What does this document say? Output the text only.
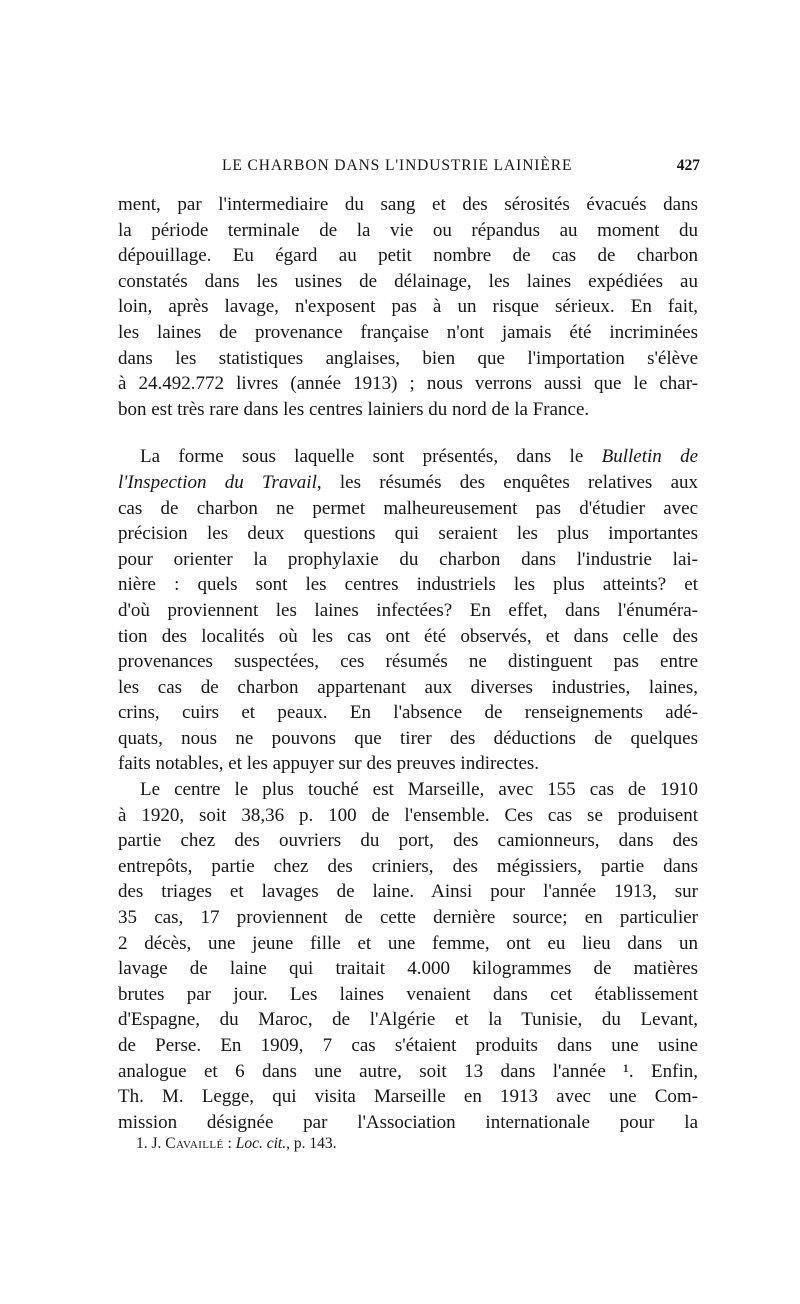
LE CHARBON DANS L'INDUSTRIE LAINIÈRE	427
ment, par l'intermediaire du sang et des sérosités évacués dans
la période terminale de la vie ou répandus au moment du
dépouillage. Eu égard au petit nombre de cas de charbon
constatés dans les usines de délainage, les laines expédiées au
loin, après lavage, n'exposent pas à un risque sérieux. En fait,
les laines de provenance française n'ont jamais été incriminées
dans les statistiques anglaises, bien que l'importation s'élève
à 24.492.772 livres (année 1913) ; nous verrons aussi que le char-
bon est très rare dans les centres lainiers du nord de la France.
La forme sous laquelle sont présentés, dans le Bulletin de
l'Inspection du Travail, les résumés des enquêtes relatives aux
cas de charbon ne permet malheureusement pas d'étudier avec
précision les deux questions qui seraient les plus importantes
pour orienter la prophylaxie du charbon dans l'industrie lai-
nière : quels sont les centres industriels les plus atteints? et
d'où proviennent les laines infectées? En effet, dans l'énuméra-
tion des localités où les cas ont été observés, et dans celle des
provenances suspectées, ces résumés ne distinguent pas entre
les cas de charbon appartenant aux diverses industries, laines,
crins, cuirs et peaux. En l'absence de renseignements adé-
quats, nous ne pouvons que tirer des déductions de quelques
faits notables, et les appuyer sur des preuves indirectes.
Le centre le plus touché est Marseille, avec 155 cas de 1910
à 1920, soit 38,36 p. 100 de l'ensemble. Ces cas se produisent
partie chez des ouvriers du port, des camionneurs, dans des
entrepôts, partie chez des criniers, des mégissiers, partie dans
des triages et lavages de laine. Ainsi pour l'année 1913, sur
35 cas, 17 proviennent de cette dernière source; en particulier
2 décès, une jeune fille et une femme, ont eu lieu dans un
lavage de laine qui traitait 4.000 kilogrammes de matières
brutes par jour. Les laines venaient dans cet établissement
d'Espagne, du Maroc, de l'Algérie et la Tunisie, du Levant,
de Perse. En 1909, 7 cas s'étaient produits dans une usine
analogue et 6 dans une autre, soit 13 dans l'année ¹. Enfin,
Th. M. Legge, qui visita Marseille en 1913 avec une Com-
mission désignée par l'Association internationale pour la
1. J. Cavaillé : Loc. cit., p. 143.
